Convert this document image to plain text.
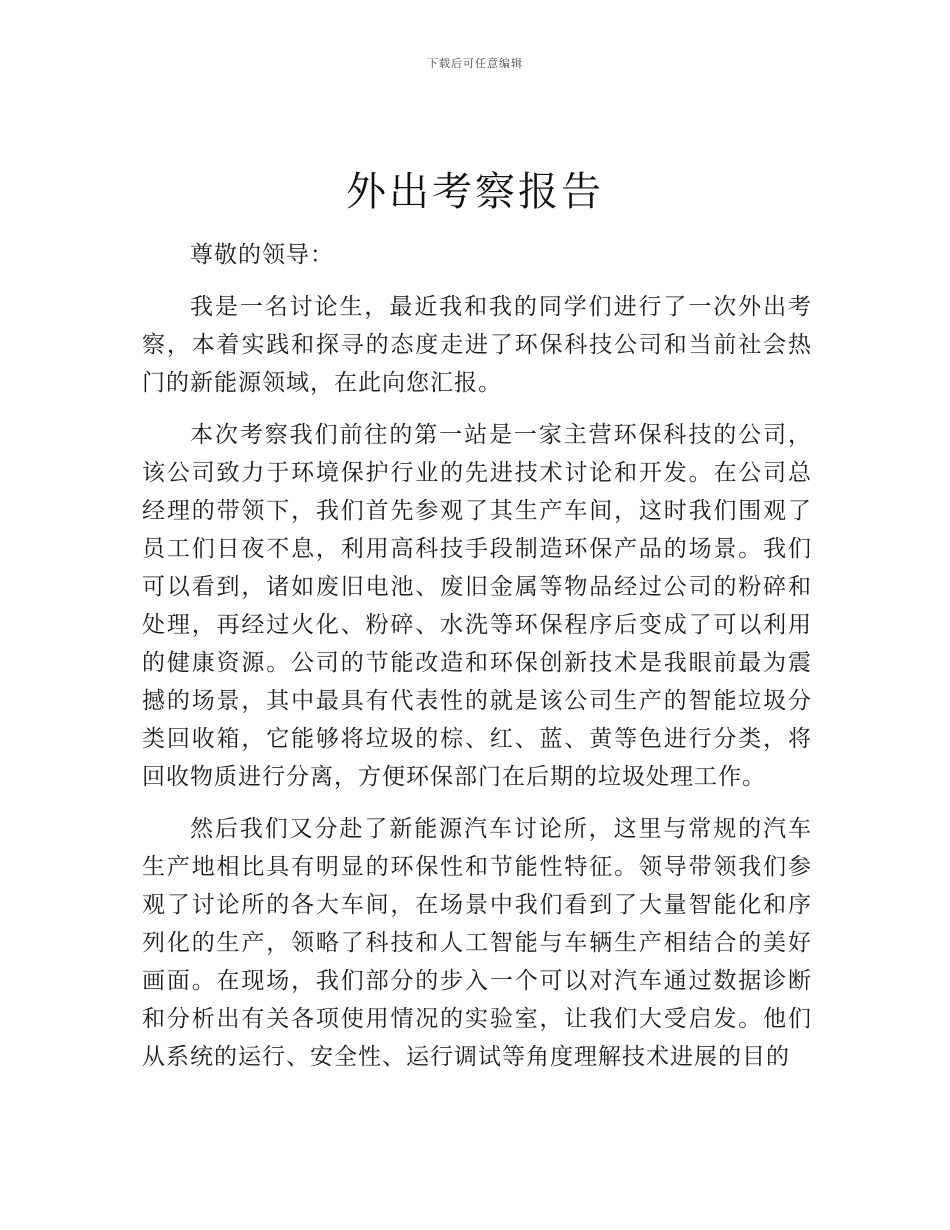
下载后可任意编辑
外出考察报告

尊敬的领导：

我是一名讨论生，最近我和我的同学们进行了一次外出考察，本着实践和探寻的态度走进了环保科技公司和当前社会热门的新能源领域，在此向您汇报。

本次考察我们前往的第一站是一家主营环保科技的公司，该公司致力于环境保护行业的先进技术讨论和开发。在公司总经理的带领下，我们首先参观了其生产车间，这时我们围观了员工们日夜不息，利用高科技手段制造环保产品的场景。我们可以看到，诸如废旧电池、废旧金属等物品经过公司的粉碎和处理，再经过火化、粉碎、水洗等环保程序后变成了可以利用的健康资源。公司的节能改造和环保创新技术是我眼前最为震撼的场景，其中最具有代表性的就是该公司生产的智能垃圾分类回收箱，它能够将垃圾的棕、红、蓝、黄等色进行分类，将回收物质进行分离，方便环保部门在后期的垃圾处理工作。

然后我们又分赴了新能源汽车讨论所，这里与常规的汽车生产地相比具有明显的环保性和节能性特征。领导带领我们参观了讨论所的各大车间，在场景中我们看到了大量智能化和序列化的生产，领略了科技和人工智能与车辆生产相结合的美好画面。在现场，我们部分的步入一个可以对汽车通过数据诊断和分析出有关各项使用情况的实验室，让我们大受启发。他们从系统的运行、安全性、运行调试等角度理解技术进展的目的
